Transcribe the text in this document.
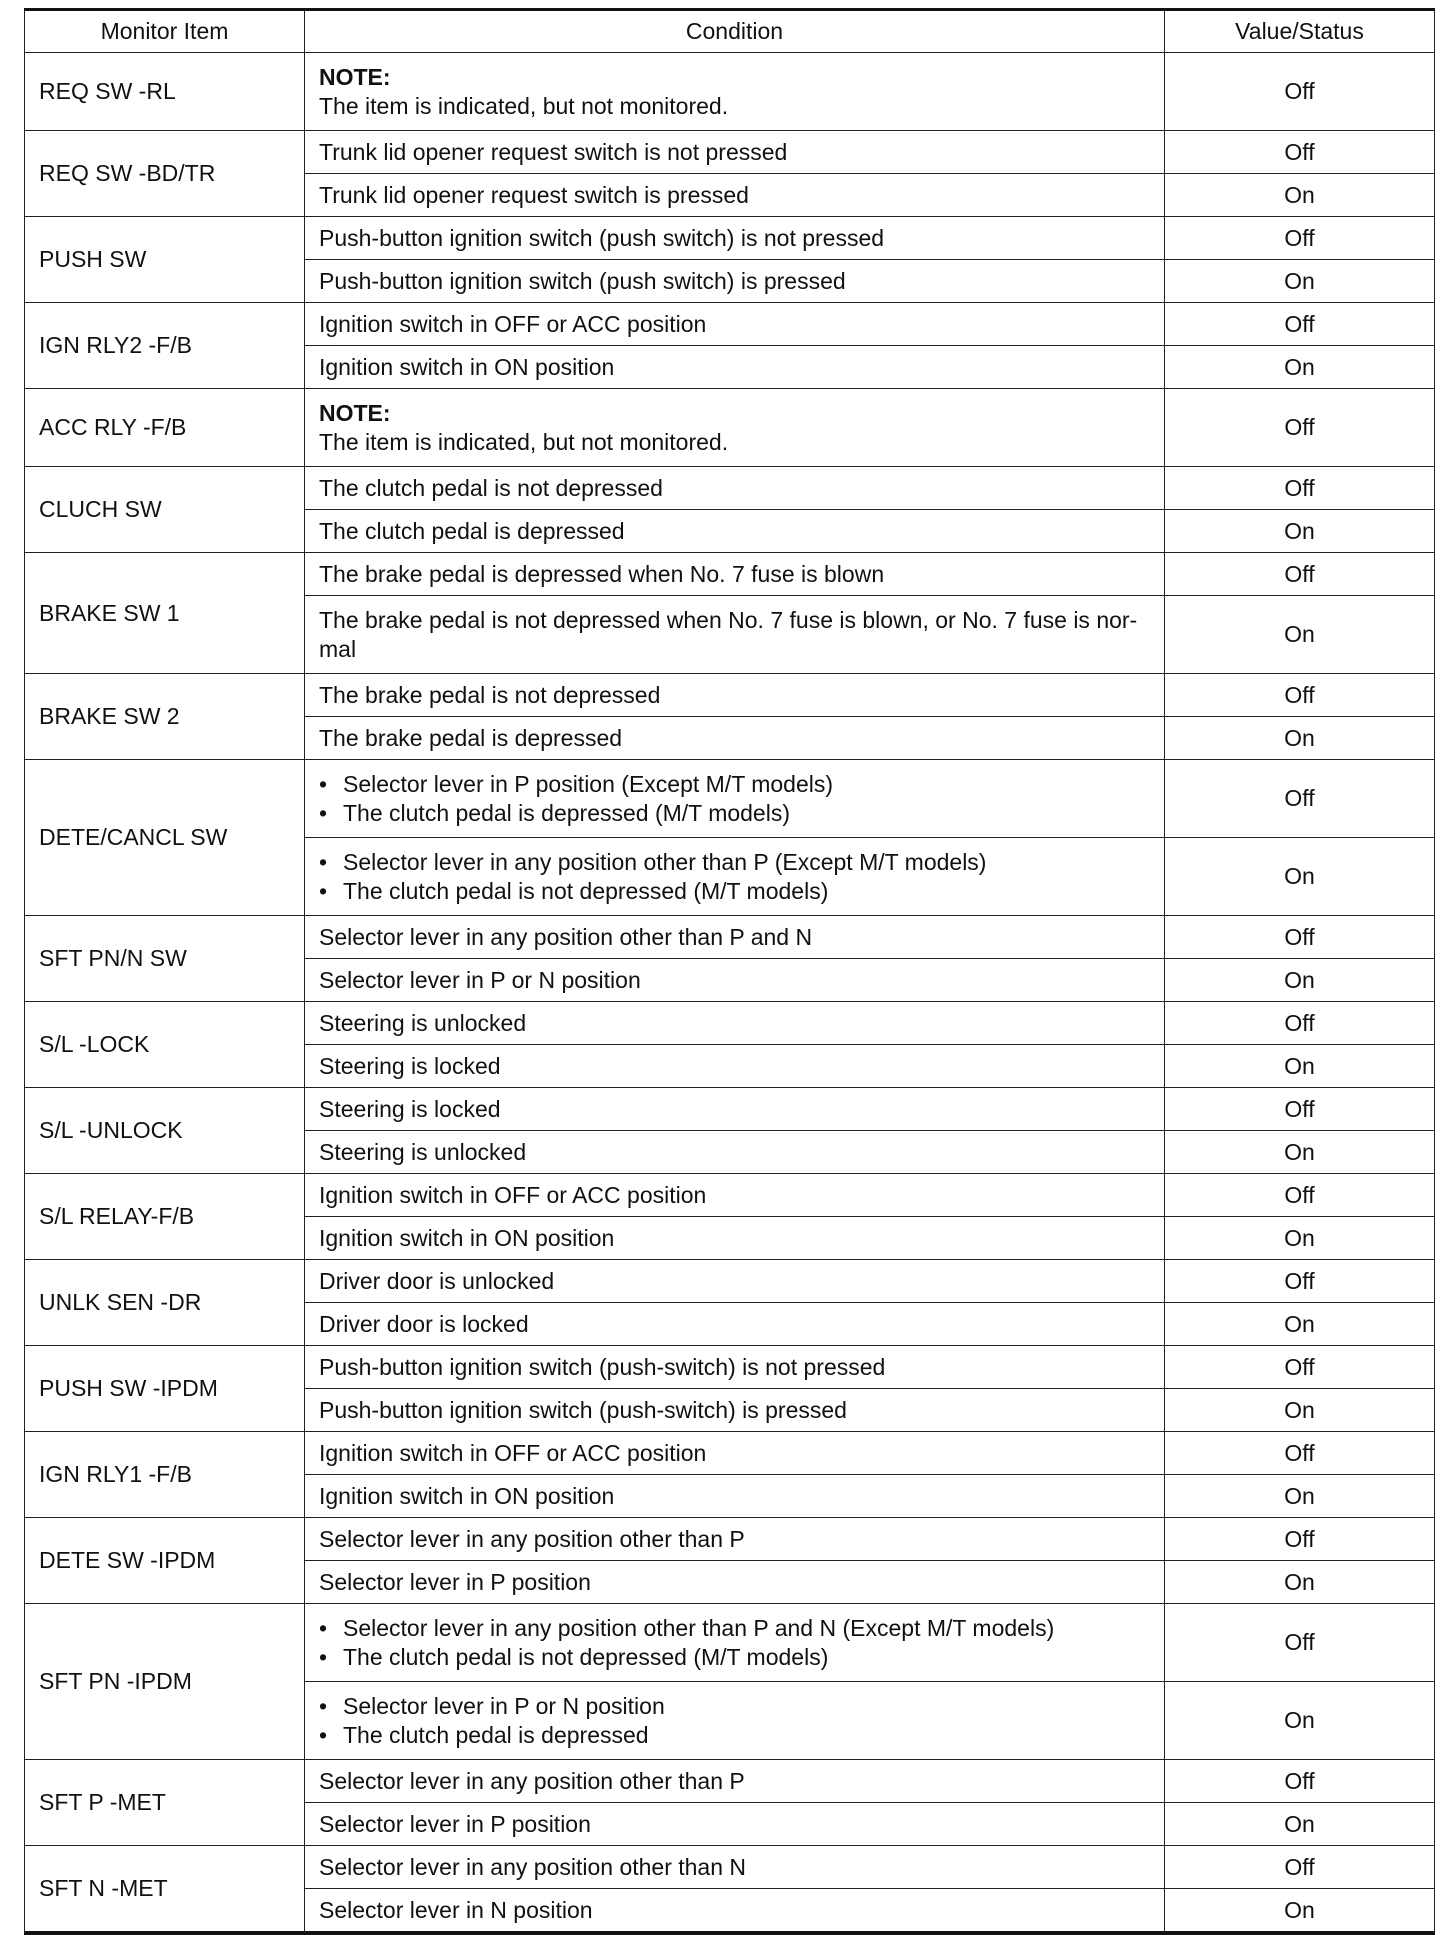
Monitor Item	Condition	Value/Status
REQ SW -RL	NOTE:
The item is indicated, but not monitored.	Off
REQ SW -BD/TR	Trunk lid opener request switch is not pressed	Off

	Trunk lid opener request switch is pressed	On
PUSH SW	Push-button ignition switch (push switch) is not pressed	Off

	Push-button ignition switch (push switch) is pressed	On
IGN RLY2 -F/B	Ignition switch in OFF or ACC position	Off

	Ignition switch in ON position	On
ACC RLY -F/B	NOTE:
The item is indicated, but not monitored.	Off
CLUCH SW	The clutch pedal is not depressed	Off

	The clutch pedal is depressed	On
BRAKE SW 1	The brake pedal is depressed when No. 7 fuse is blown	Off

	The brake pedal is not depressed when No. 7 fuse is blown, or No. 7 fuse is nor-mal	On
BRAKE SW 2	The brake pedal is not depressed	Off

	The brake pedal is depressed	On
DETE/CANCL SW	• Selector lever in P position (Except M/T models)
• The clutch pedal is depressed (M/T models)	Off

	• Selector lever in any position other than P (Except M/T models)
• The clutch pedal is not depressed (M/T models)	On
SFT PN/N SW	Selector lever in any position other than P and N	Off

	Selector lever in P or N position	On
S/L -LOCK	Steering is unlocked	Off

	Steering is locked	On
S/L -UNLOCK	Steering is locked	Off

	Steering is unlocked	On
S/L RELAY-F/B	Ignition switch in OFF or ACC position	Off

	Ignition switch in ON position	On
UNLK SEN -DR	Driver door is unlocked	Off

	Driver door is locked	On
PUSH SW -IPDM	Push-button ignition switch (push-switch) is not pressed	Off

	Push-button ignition switch (push-switch) is pressed	On
IGN RLY1 -F/B	Ignition switch in OFF or ACC position	Off

	Ignition switch in ON position	On
DETE SW -IPDM	Selector lever in any position other than P	Off

	Selector lever in P position	On
SFT PN -IPDM	• Selector lever in any position other than P and N (Except M/T models)
• The clutch pedal is not depressed (M/T models)	Off

	• Selector lever in P or N position
• The clutch pedal is depressed	On
SFT P -MET	Selector lever in any position other than P	Off

	Selector lever in P position	On
SFT N -MET	Selector lever in any position other than N	Off

	Selector lever in N position	On
